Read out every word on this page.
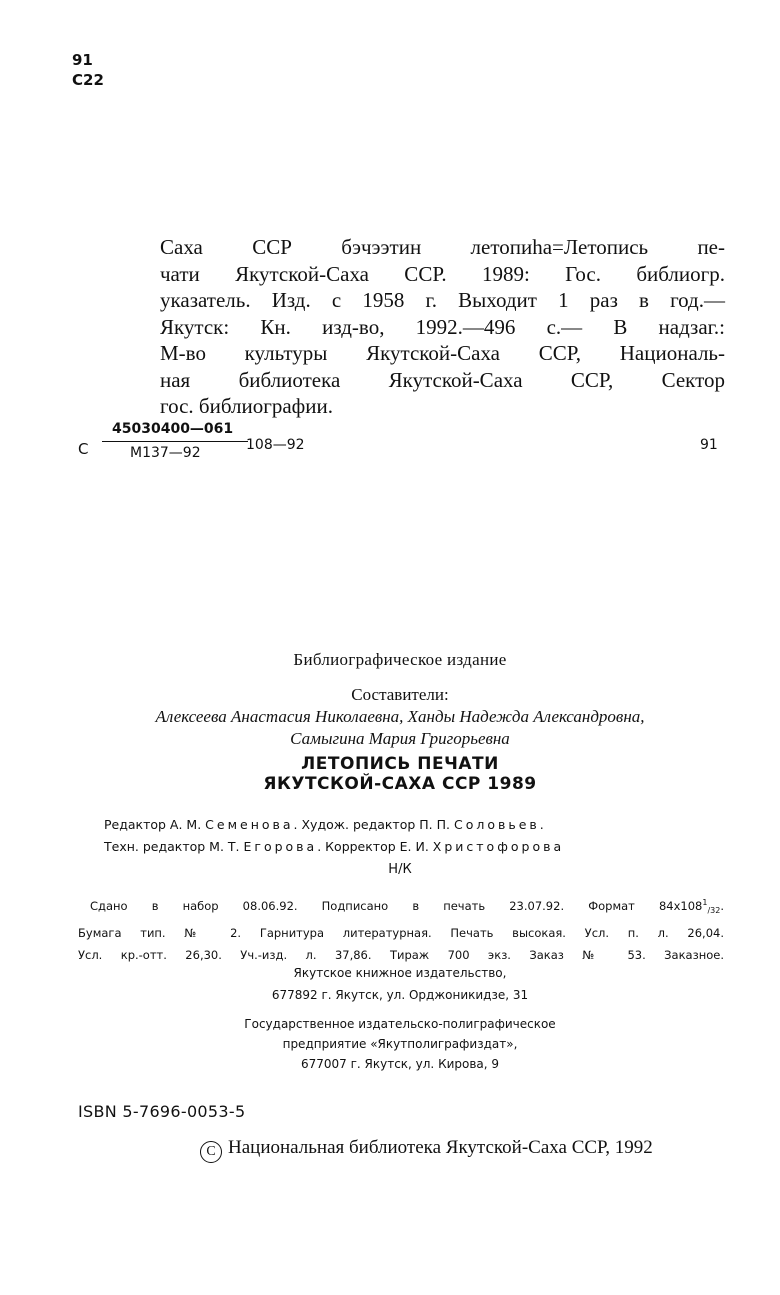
91
С22
Саха ССР бэчээтин летопиhа=Летопись пе-
чати Якутской-Саха ССР. 1989: Гос. библиогр.
указатель. Изд. с 1958 г. Выходит 1 раз в год.—
Якутск: Кн. изд-во, 1992.—496 с.— В надзаг.:
М-во культуры Якутской-Саха ССР, Националь-
ная библиотека Якутской-Саха ССР, Сектор
гос. библиографии.
С
45030400—061
М137—92	108—92	91
Библиографическое издание
Составители:
Алексеева Анастасия Николаевна, Ханды Надежда Александровна,
Самыгина Мария Григорьевна
ЛЕТОПИСЬ ПЕЧАТИ
ЯКУТСКОЙ-САХА ССР 1989
Редактор А. М. Семенова. Худож. редактор П. П. Соловьев.
Техн. редактор М. Т. Егорова. Корректор Е. И. Христофорова
Н/К
Сдано в набор 08.06.92. Подписано в печать 23.07.92. Формат $84х108^1_{/32}$.
Бумага тип. № 2. Гарнитура литературная. Печать высокая. Усл. п. л. 26,04.
Усл. кр.-отт. 26,30. Уч.-изд. л. 37,86. Тираж 700 экз. Заказ № 53. Заказное.
Якутское книжное издательство,
677892 г. Якутск, ул. Орджоникидзе, 31
Государственное издательско-полиграфическое
предприятие «Якутполиграфиздат»,
677007 г. Якутск, ул. Кирова, 9
ISBN 5-7696-0053-5
C Национальная библиотека Якутской-Саха ССР, 1992
